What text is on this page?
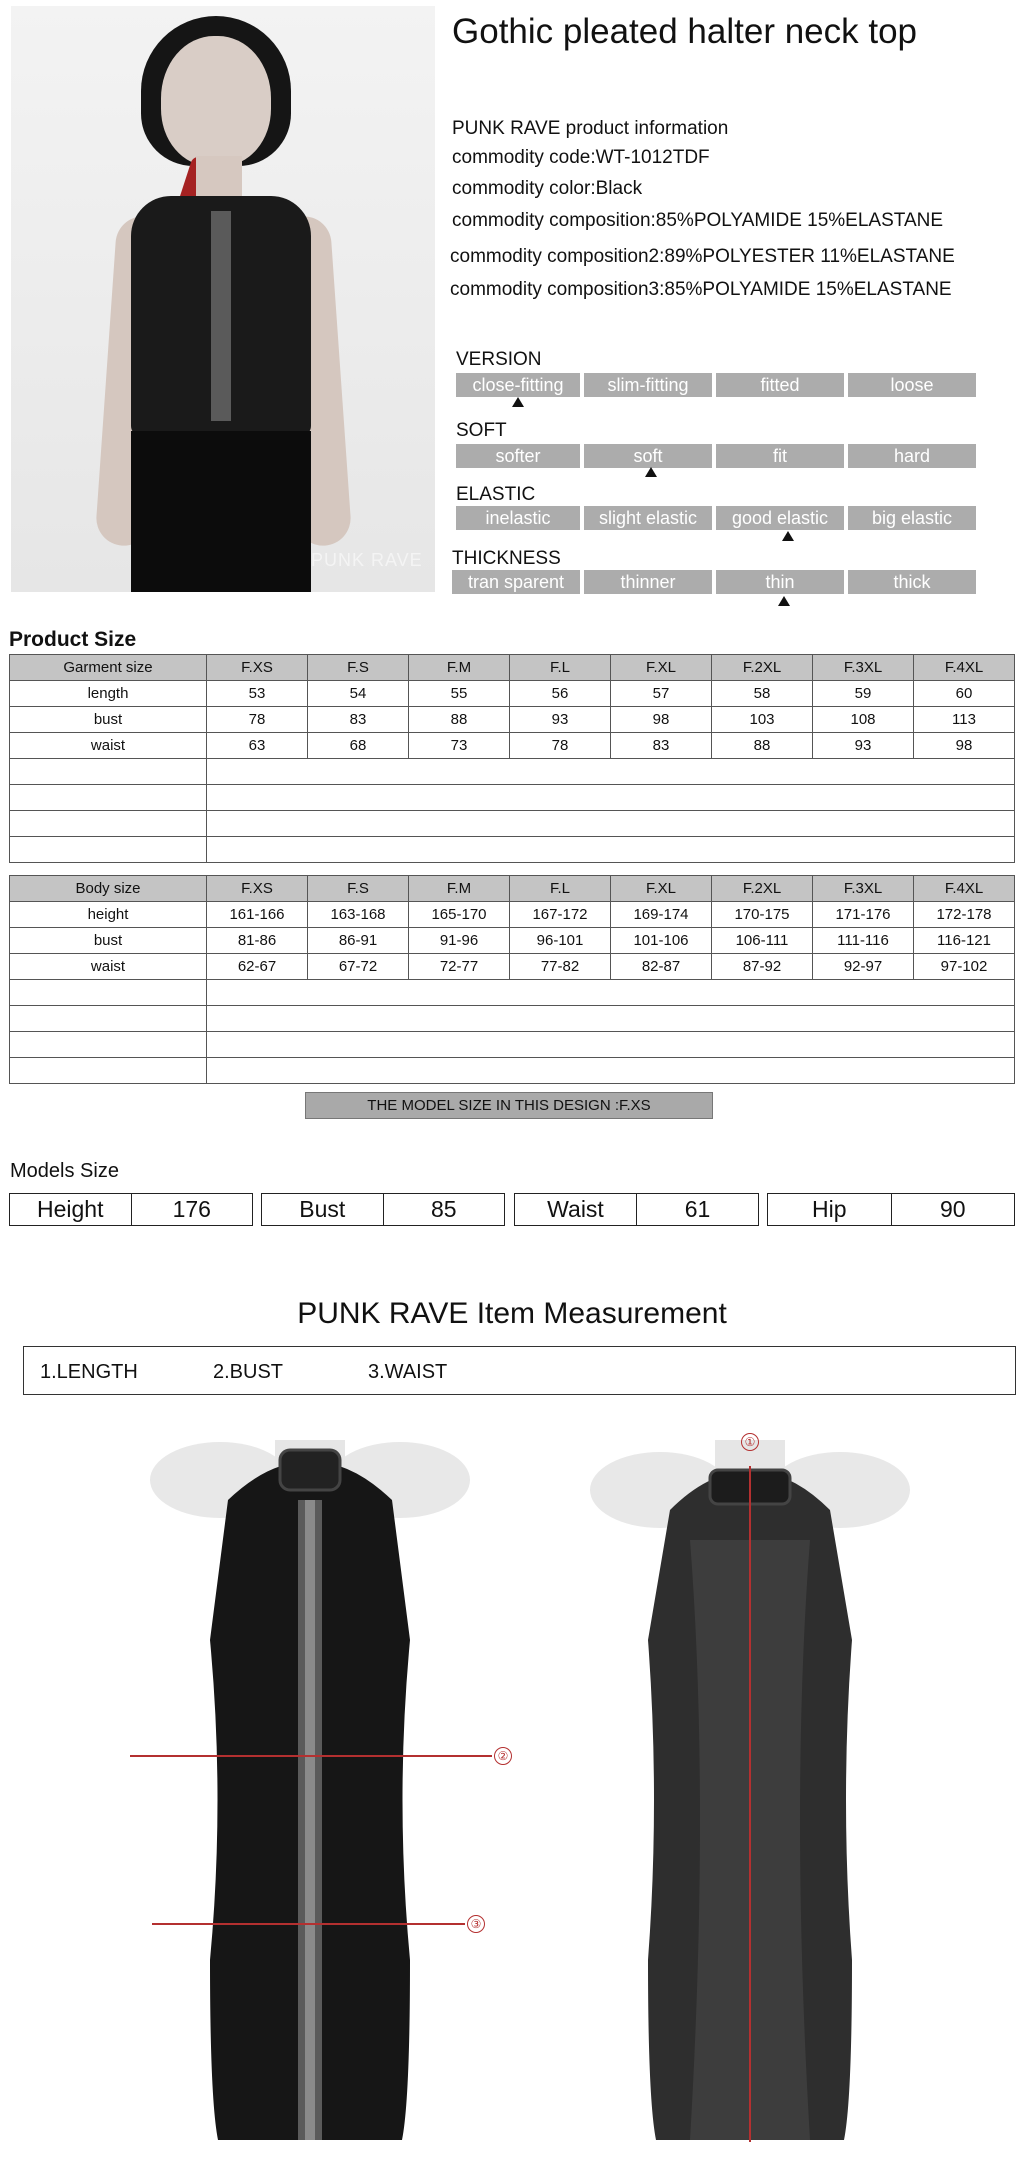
PUNK RAVE
Gothic pleated halter neck top
PUNK RAVE product information
commodity code:WT-1012TDF
commodity color:Black
commodity composition:85%POLYAMIDE 15%ELASTANE
commodity composition2:89%POLYESTER 11%ELASTANE
commodity composition3:85%POLYAMIDE 15%ELASTANE
VERSION
close-fitting	slim-fitting	fitted	loose
SOFT
softer	soft	fit	hard
ELASTIC
inelastic	slight elastic	good elastic	big elastic
THICKNESS
tran sparent	thinner	thin	thick
Product Size
Garment size	F.XS	F.S	F.M	F.L	F.XL	F.2XL	F.3XL	F.4XL
length	53	54	55	56	57	58	59	60
bust	78	83	88	93	98	103	108	113
waist	63	68	73	78	83	88	93	98

Body size	F.XS	F.S	F.M	F.L	F.XL	F.2XL	F.3XL	F.4XL
height	161-166	163-168	165-170	167-172	169-174	170-175	171-176	172-178
bust	81-86	86-91	91-96	96-101	101-106	106-111	111-116	116-121
waist	62-67	67-72	72-77	77-82	82-87	87-92	92-97	97-102

THE MODEL SIZE IN THIS DESIGN :F.XS
Models Size
Height	176	Bust	85	Waist	61	Hip	90
PUNK RAVE Item Measurement
1.LENGTH	2.BUST	3.WAIST
②
③
①
